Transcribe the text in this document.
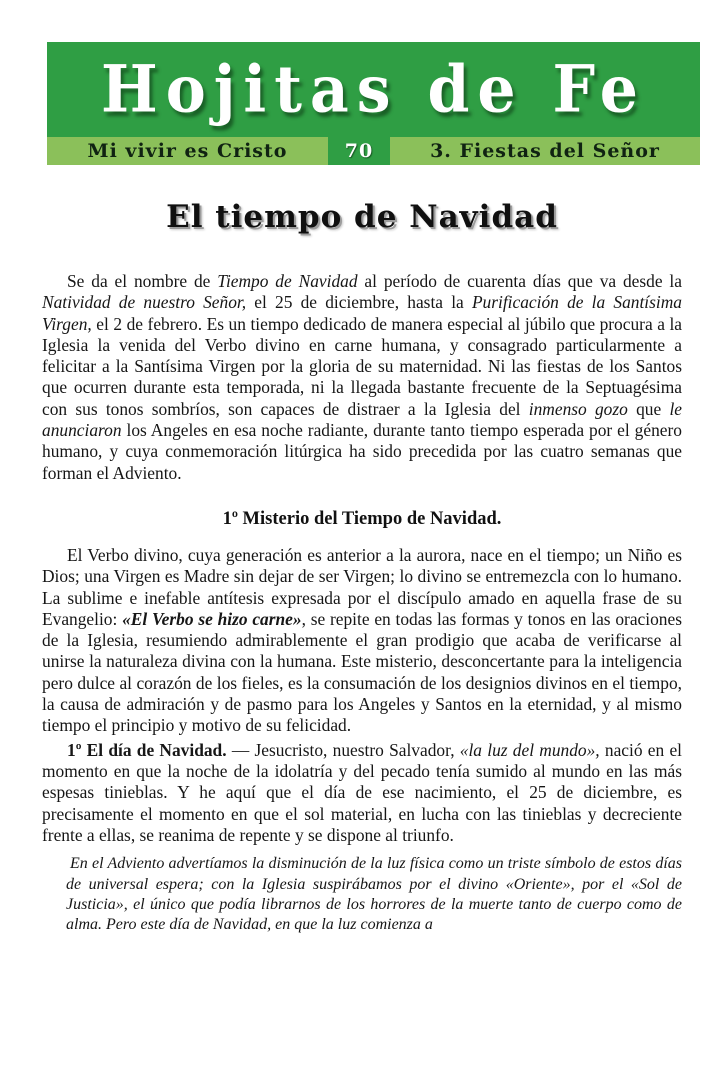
Hojitas de Fe
Mi vivir es Cristo	70	3. Fiestas del Señor
El tiempo de Navidad

Se da el nombre de Tiempo de Navidad al período de cuarenta días que va desde la Natividad de nuestro Señor, el 25 de diciembre, hasta la Purificación de la Santísima Virgen, el 2 de febrero. Es un tiempo dedicado de manera especial al júbilo que procura a la Iglesia la venida del Verbo divino en carne humana, y consagrado particularmente a felicitar a la Santísima Virgen por la gloria de su maternidad. Ni las fiestas de los Santos que ocurren durante esta temporada, ni la llegada bastante frecuente de la Septuagésima con sus tonos sombríos, son capaces de distraer a la Iglesia del inmenso gozo que le anunciaron los Angeles en esa noche radiante, durante tanto tiempo esperada por el género humano, y cuya conmemoración litúrgica ha sido precedida por las cuatro semanas que forman el Adviento.

1º Misterio del Tiempo de Navidad.

El Verbo divino, cuya generación es anterior a la aurora, nace en el tiempo; un Niño es Dios; una Virgen es Madre sin dejar de ser Virgen; lo divino se entremezcla con lo humano. La sublime e inefable antítesis expresada por el discípulo amado en aquella frase de su Evangelio: «El Verbo se hizo carne», se repite en todas las formas y tonos en las oraciones de la Iglesia, resumiendo admirablemente el gran prodigio que acaba de verificarse al unirse la naturaleza divina con la humana. Este misterio, desconcertante para la inteligencia pero dulce al corazón de los fieles, es la consumación de los designios divinos en el tiempo, la causa de admiración y de pasmo para los Angeles y Santos en la eternidad, y al mismo tiempo el principio y motivo de su felicidad.

1º El día de Navidad. — Jesucristo, nuestro Salvador, «la luz del mundo», nació en el momento en que la noche de la idolatría y del pecado tenía sumido al mundo en las más espesas tinieblas. Y he aquí que el día de ese nacimiento, el 25 de diciembre, es precisamente el momento en que el sol material, en lucha con las tinieblas y decreciente frente a ellas, se reanima de repente y se dispone al triunfo.

En el Adviento advertíamos la disminución de la luz física como un triste símbolo de estos días de universal espera; con la Iglesia suspirábamos por el divino «Oriente», por el «Sol de Justicia», el único que podía librarnos de los horrores de la muerte tanto de cuerpo como de alma. Pero este día de Navidad, en que la luz comienza a
